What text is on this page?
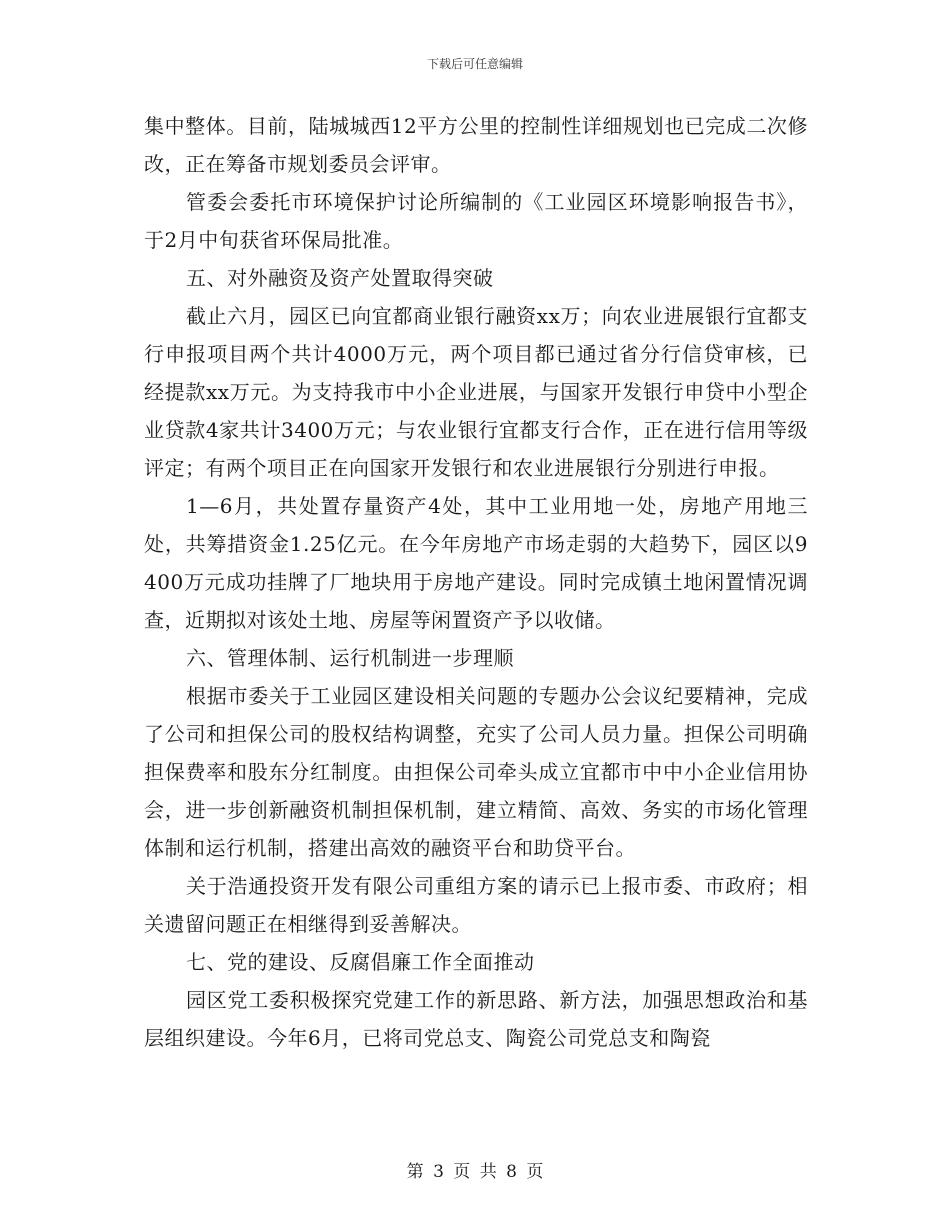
下载后可任意编辑

集中整体。目前，陆城城西12平方公里的控制性详细规划也已完成二次修改，正在筹备市规划委员会评审。

管委会委托市环境保护讨论所编制的《工业园区环境影响报告书》，于2月中旬获省环保局批准。

五、对外融资及资产处置取得突破

截止六月，园区已向宜都商业银行融资xx万；向农业进展银行宜都支行申报项目两个共计4000万元，两个项目都已通过省分行信贷审核，已经提款xx万元。为支持我市中小企业进展，与国家开发银行申贷中小型企业贷款4家共计3400万元；与农业银行宜都支行合作，正在进行信用等级评定；有两个项目正在向国家开发银行和农业进展银行分别进行申报。

1—6月，共处置存量资产4处，其中工业用地一处，房地产用地三处，共筹措资金1.25亿元。在今年房地产市场走弱的大趋势下，园区以9400万元成功挂牌了厂地块用于房地产建设。同时完成镇土地闲置情况调查，近期拟对该处土地、房屋等闲置资产予以收储。

六、管理体制、运行机制进一步理顺

根据市委关于工业园区建设相关问题的专题办公会议纪要精神，完成了公司和担保公司的股权结构调整，充实了公司人员力量。担保公司明确担保费率和股东分红制度。由担保公司牵头成立宜都市中中小企业信用协会，进一步创新融资机制担保机制，建立精简、高效、务实的市场化管理体制和运行机制，搭建出高效的融资平台和助贷平台。

关于浩通投资开发有限公司重组方案的请示已上报市委、市政府；相关遗留问题正在相继得到妥善解决。

七、党的建设、反腐倡廉工作全面推动

园区党工委积极探究党建工作的新思路、新方法，加强思想政治和基层组织建设。今年6月，已将司党总支、陶瓷公司党总支和陶瓷

第 3 页 共 8 页
